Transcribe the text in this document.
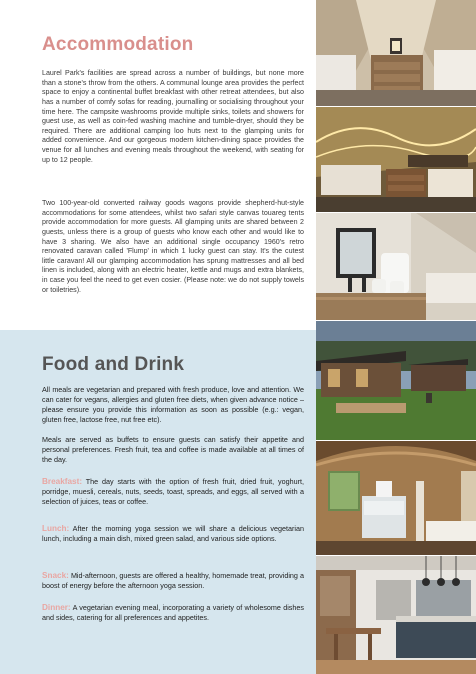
Accommodation

Laurel Park's facilities are spread across a number of buildings, but none more than a stone's throw from the others. A communal lounge area provides the perfect space to enjoy a continental buffet breakfast with other retreat attendees, but also has a number of comfy sofas for reading, journalling or socialising throughout your time here. The campsite washrooms provide multiple sinks, toilets and showers for guest use, as well as coin-fed washing machine and tumble-dryer, should they be required. There are additional camping loo huts next to the glamping units for added convenience. And our gorgeous modern kitchen-dining space provides the venue for all lunches and evening meals throughout the weekend, with seating for up to 12 people.

Two 100-year-old converted railway goods wagons provide shepherd-hut-style accommodations for some attendees, whilst two safari style canvas touareg tents provide accommodation for more guests. All glamping units are shared between 2 guests, unless there is a group of guests who know each other and would like to have 3 sharing. We also have an additional single occupancy 1960's retro renovated caravan called 'Flump' in which 1 lucky guest can stay. It's the cutest little caravan! All our glamping accommodation has sprung mattresses and all bed linen is included, along with an electric heater, kettle and mugs and extra blankets, in case you feel the need to get even cosier. (Please note: we do not supply towels or toiletries).

Food and Drink

All meals are vegetarian and prepared with fresh produce, love and attention. We can cater for vegans, allergies and gluten free diets, when given advance notice – please ensure you provide this information as soon as possible (e.g.: vegan, gluten free, lactose free, nut free etc).

Meals are served as buffets to ensure guests can satisfy their appetite and personal preferences. Fresh fruit, tea and coffee is made available at all times of the day.

Breakfast: The day starts with the option of fresh fruit, dried fruit, yoghurt, porridge, muesli, cereals, nuts, seeds, toast, spreads, and eggs, all served with a selection of juices, teas or coffee.

Lunch: After the morning yoga session we will share a delicious vegetarian lunch, including a main dish, mixed green salad, and various side options.

Snack: Mid-afternoon, guests are offered a healthy, homemade treat, providing a boost of energy before the afternoon yoga session.

Dinner: A vegetarian evening meal, incorporating a variety of wholesome dishes and sides, catering for all preferences and appetites.
